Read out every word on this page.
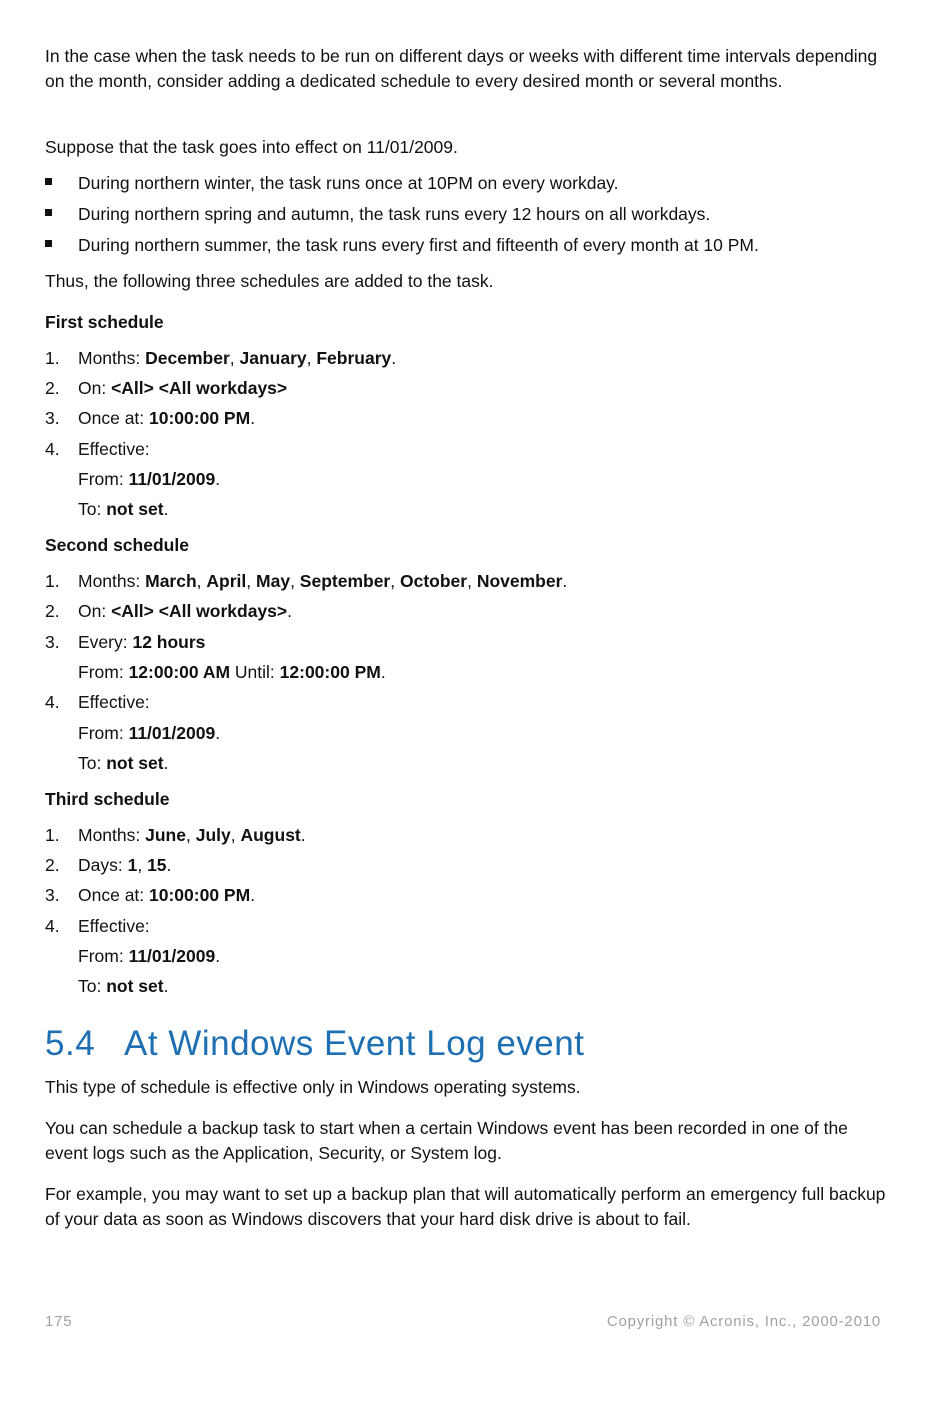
In the case when the task needs to be run on different days or weeks with different time intervals depending on the month, consider adding a dedicated schedule to every desired month or several months.

Suppose that the task goes into effect on 11/01/2009.

During northern winter, the task runs once at 10PM on every workday.
During northern spring and autumn, the task runs every 12 hours on all workdays.
During northern summer, the task runs every first and fifteenth of every month at 10 PM.

Thus, the following three schedules are added to the task.

First schedule
1. Months: December, January, February.
2. On: <All> <All workdays>
3. Once at: 10:00:00 PM.
4. Effective:
From: 11/01/2009.
To: not set.
Second schedule
1. Months: March, April, May, September, October, November.
2. On: <All> <All workdays>.
3. Every: 12 hours
From: 12:00:00 AM Until: 12:00:00 PM.
4. Effective:
From: 11/01/2009.
To: not set.
Third schedule
1. Months: June, July, August.
2. Days: 1, 15.
3. Once at: 10:00:00 PM.
4. Effective:
From: 11/01/2009.
To: not set.
5.4 At Windows Event Log event

This type of schedule is effective only in Windows operating systems.

You can schedule a backup task to start when a certain Windows event has been recorded in one of the event logs such as the Application, Security, or System log.

For example, you may want to set up a backup plan that will automatically perform an emergency full backup of your data as soon as Windows discovers that your hard disk drive is about to fail.

175	Copyright © Acronis, Inc., 2000-2010
